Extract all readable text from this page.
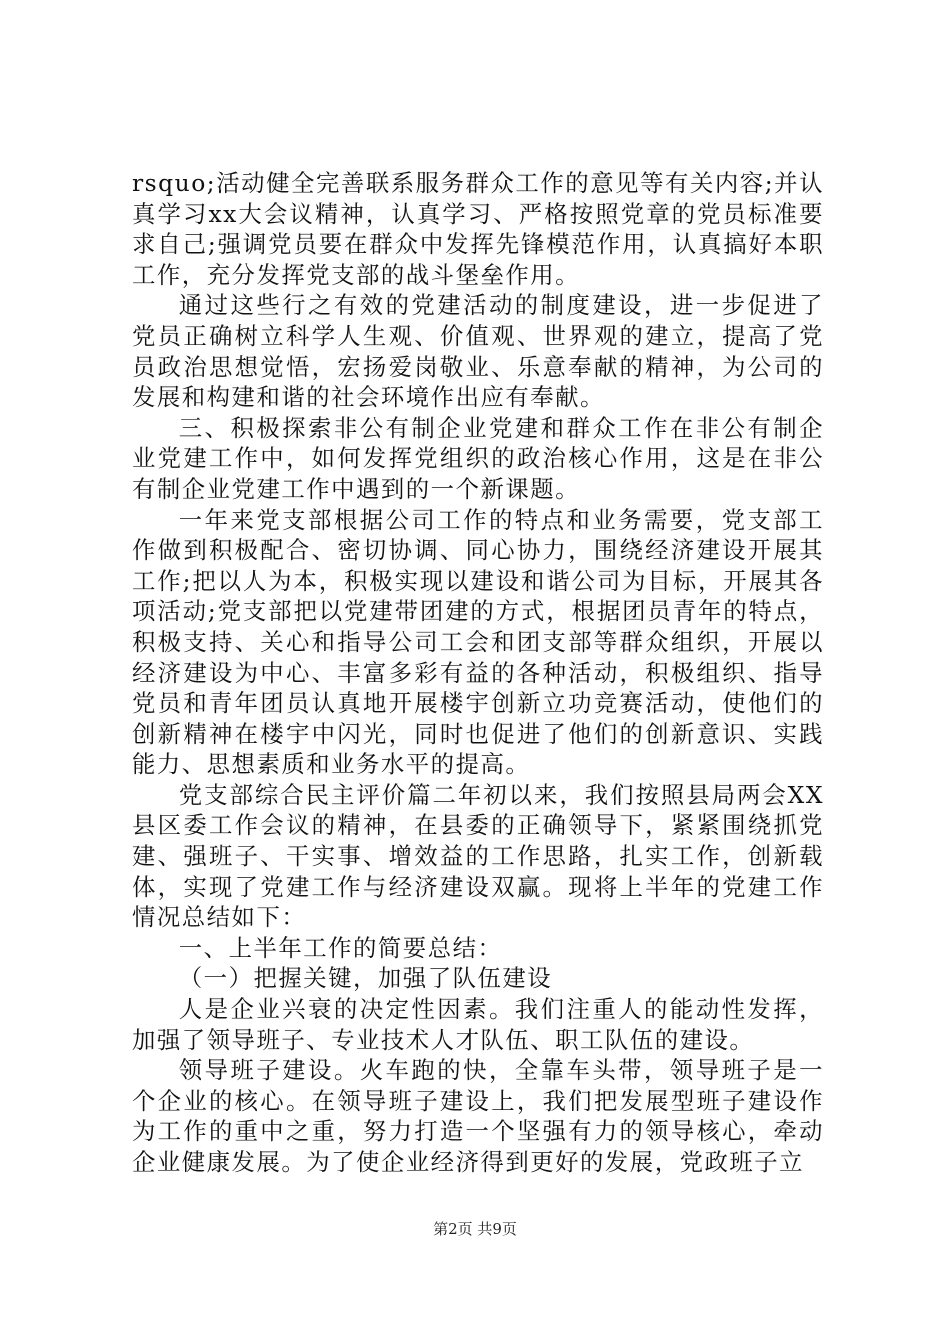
rsquo;活动健全完善联系服务群众工作的意见等有关内容;并认真学习xx大会议精神，认真学习、严格按照党章的党员标准要求自己;强调党员要在群众中发挥先锋模范作用，认真搞好本职工作，充分发挥党支部的战斗堡垒作用。

通过这些行之有效的党建活动的制度建设，进一步促进了党员正确树立科学人生观、价值观、世界观的建立，提高了党员政治思想觉悟，宏扬爱岗敬业、乐意奉献的精神，为公司的发展和构建和谐的社会环境作出应有奉献。

三、积极探索非公有制企业党建和群众工作在非公有制企业党建工作中，如何发挥党组织的政治核心作用，这是在非公有制企业党建工作中遇到的一个新课题。

一年来党支部根据公司工作的特点和业务需要，党支部工作做到积极配合、密切协调、同心协力，围绕经济建设开展其工作;把以人为本，积极实现以建设和谐公司为目标，开展其各项活动;党支部把以党建带团建的方式，根据团员青年的特点，积极支持、关心和指导公司工会和团支部等群众组织，开展以经济建设为中心、丰富多彩有益的各种活动，积极组织、指导党员和青年团员认真地开展楼宇创新立功竞赛活动，使他们的创新精神在楼宇中闪光，同时也促进了他们的创新意识、实践能力、思想素质和业务水平的提高。

党支部综合民主评价篇二年初以来，我们按照县局两会XX县区委工作会议的精神，在县委的正确领导下，紧紧围绕抓党建、强班子、干实事、增效益的工作思路，扎实工作，创新载体，实现了党建工作与经济建设双赢。现将上半年的党建工作情况总结如下：

一、上半年工作的简要总结：

（一）把握关键，加强了队伍建设

人是企业兴衰的决定性因素。我们注重人的能动性发挥，加强了领导班子、专业技术人才队伍、职工队伍的建设。

领导班子建设。火车跑的快，全靠车头带，领导班子是一个企业的核心。在领导班子建设上，我们把发展型班子建设作为工作的重中之重，努力打造一个坚强有力的领导核心，牵动企业健康发展。为了使企业经济得到更好的发展，党政班子立

第2页 共9页
